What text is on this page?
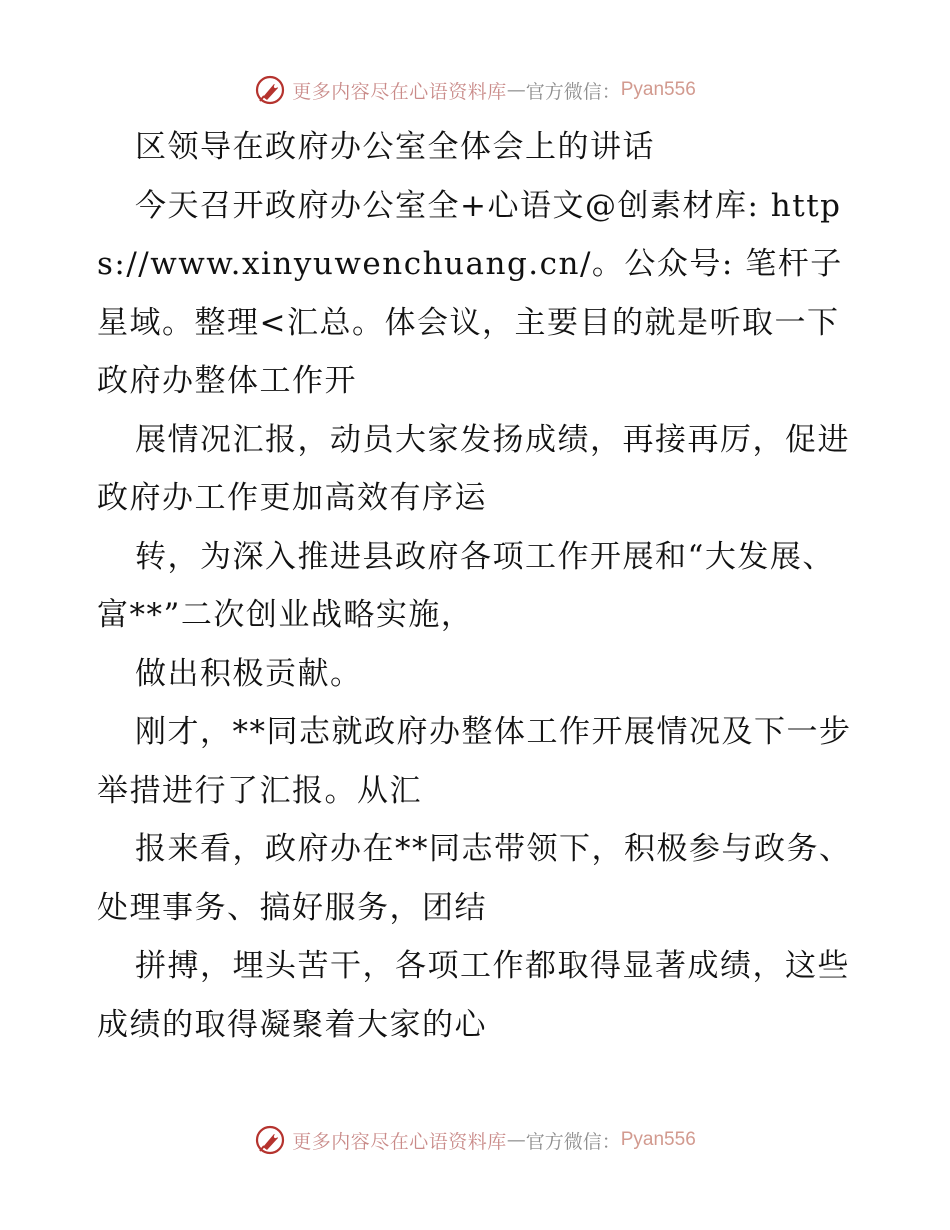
更多内容尽在心语资料库 — 官方微信： Pyan556

区领导在政府办公室全体会上的讲话

今天召开政府办公室全+心语文@创素材库: https://www.xinyuwenchuang.cn/。公众号: 笔杆子星域。整理<汇总。体会议，主要目的就是听取一下政府办整体工作开

展情况汇报，动员大家发扬成绩，再接再厉，促进政府办工作更加高效有序运

转，为深入推进县政府各项工作开展和“大发展、富**”二次创业战略实施，

做出积极贡献。

刚才，**同志就政府办整体工作开展情况及下一步举措进行了汇报。从汇

报来看，政府办在**同志带领下，积极参与政务、处理事务、搞好服务，团结

拼搏，埋头苦干，各项工作都取得显著成绩，这些成绩的取得凝聚着大家的心

更多内容尽在心语资料库 — 官方微信： Pyan556
